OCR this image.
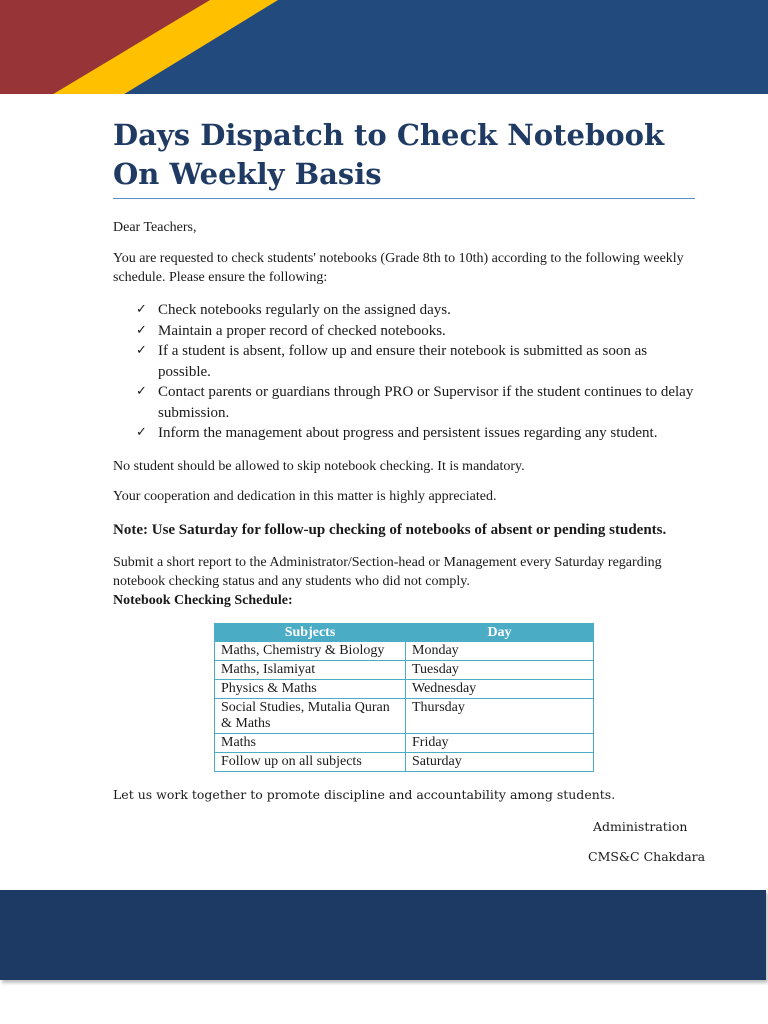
Days Dispatch to Check Notebook On Weekly Basis

Dear Teachers,

You are requested to check students' notebooks (Grade 8th to 10th) according to the following weekly schedule. Please ensure the following:

✓ Check notebooks regularly on the assigned days.
✓ Maintain a proper record of checked notebooks.
✓ If a student is absent, follow up and ensure their notebook is submitted as soon as possible.
✓ Contact parents or guardians through PRO or Supervisor if the student continues to delay submission.
✓ Inform the management about progress and persistent issues regarding any student.

No student should be allowed to skip notebook checking. It is mandatory.

Your cooperation and dedication in this matter is highly appreciated.

Note: Use Saturday for follow-up checking of notebooks of absent or pending students.

Submit a short report to the Administrator/Section-head or Management every Saturday regarding notebook checking status and any students who did not comply.

Notebook Checking Schedule:

Subjects	Day
Maths, Chemistry & Biology	Monday
Maths, Islamiyat	Tuesday
Physics & Maths	Wednesday
Social Studies, Mutalia Quran & Maths	Thursday
Maths	Friday
Follow up on all subjects	Saturday

Let us work together to promote discipline and accountability among students.

Administration

CMS&C Chakdara
